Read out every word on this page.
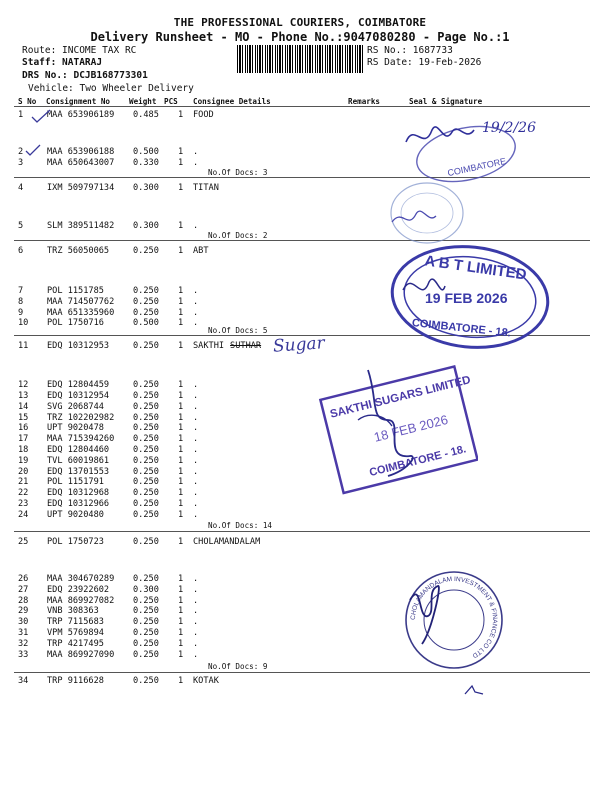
THE PROFESSIONAL COURIERS, COIMBATORE
Delivery Runsheet - MO - Phone No.:9047080280 - Page No.:1
Route: INCOME TAX RC
Staff: NATARAJ
DRS No.: DCJB168773301
Vehicle: Two Wheeler Delivery
RS No.: 1687733
RS Date: 19-Feb-2026
S No Consignment No Weight PCS Consignee Details	Remarks	Seal & Signature
1	MAA 653906189 0.485 1 FOOD
2	MAA 653906188 0.500 1 .
3	MAA 650643007 0.330 1 .
4	IXM 509797134 0.300 1 TITAN
5	SLM 389511482 0.300 1 .
6	TRZ 56050065	0.250 1 ABT
7	POL 1151785	0.250 1 .
8	MAA 714507762 0.250 1 .
9	MAA 651335960 0.250 1 .
10 POL 1750716	0.500 1 .
11 EDQ 10312953	0.250 1 SAKTHI SUTHAR
12 EDQ 12804459	0.250 1 .
13 EDQ 10312954	0.250 1 .
14 SVG 2068744	0.250 1 .
15 TRZ 102202982 0.250 1 .
16 UPT 9020478	0.250 1 .
17 MAA 715394260 0.250 1 .
18 EDQ 12804460	0.250 1 .
19 TVL 60019861	0.250 1 .
20 EDQ 13701553	0.250 1 .
21 POL 1151791	0.250 1 .
22 EDQ 10312968	0.250 1 .
23 EDQ 10312966	0.250 1 .
24 UPT 9020480	0.250 1 .
25 POL 1750723	0.250 1 CHOLAMANDALAM
26 MAA 304670289 0.250 1 .
27 EDQ 23922602	0.300 1 .
28 MAA 869927082 0.250 1 .
29 VNB 308363	0.250 1 .
30 TRP 7115683	0.250 1 .
31 VPM 5769894	0.250 1 .
32 TRP 4217495	0.250 1 .
33 MAA 869927090 0.250 1 .
34 TRP 9116628	0.250 1 KOTAK
No.Of Docs: 3
No.Of Docs: 2
No.Of Docs: 5
No.Of Docs: 14
No.Of Docs: 9
Sugar
COIMBATORE
19/2/26
A B T LIMITED
19 FEB 2026
COIMBATORE - 18.
SAKTHI SUGARS LIMITED
18 FEB 2026
COIMBATORE - 18.
CHOLAMANDALAM INVESTMENT & FINANCE CO LTD
